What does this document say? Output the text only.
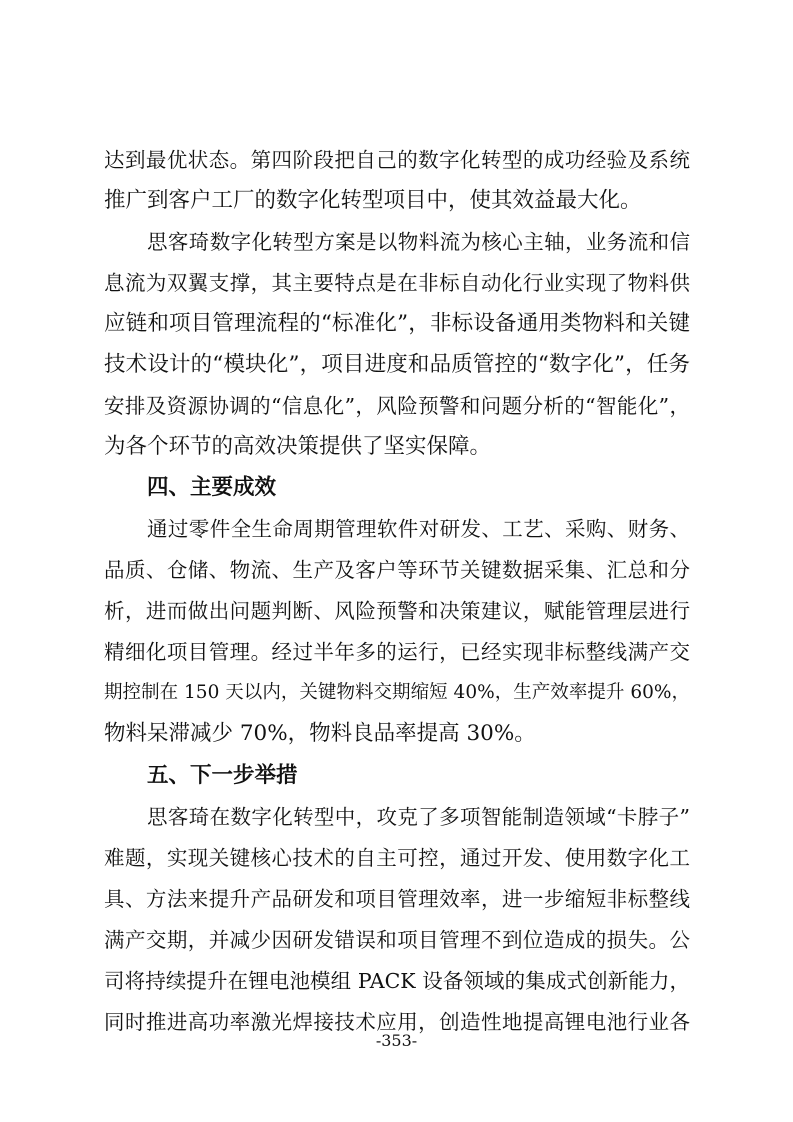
达到最优状态。第四阶段把自己的数字化转型的成功经验及系统
推广到客户工厂的数字化转型项目中，使其效益最大化。
思客琦数字化转型方案是以物料流为核心主轴，业务流和信
息流为双翼支撑，其主要特点是在非标自动化行业实现了物料供
应链和项目管理流程的“标准化”，非标设备通用类物料和关键
技术设计的“模块化”，项目进度和品质管控的“数字化”，任务
安排及资源协调的“信息化”，风险预警和问题分析的“智能化”，
为各个环节的高效决策提供了坚实保障。
四、主要成效
通过零件全生命周期管理软件对研发、工艺、采购、财务、
品质、仓储、物流、生产及客户等环节关键数据采集、汇总和分
析，进而做出问题判断、风险预警和决策建议，赋能管理层进行
精细化项目管理。经过半年多的运行，已经实现非标整线满产交
期控制在 150 天以内，关键物料交期缩短 40%，生产效率提升 60%，
物料呆滞减少 70%，物料良品率提高 30%。
五、下一步举措
思客琦在数字化转型中，攻克了多项智能制造领域“卡脖子”
难题，实现关键核心技术的自主可控，通过开发、使用数字化工
具、方法来提升产品研发和项目管理效率，进一步缩短非标整线
满产交期，并减少因研发错误和项目管理不到位造成的损失。公
司将持续提升在锂电池模组 PACK 设备领域的集成式创新能力，
同时推进高功率激光焊接技术应用，创造性地提高锂电池行业各
-353-
